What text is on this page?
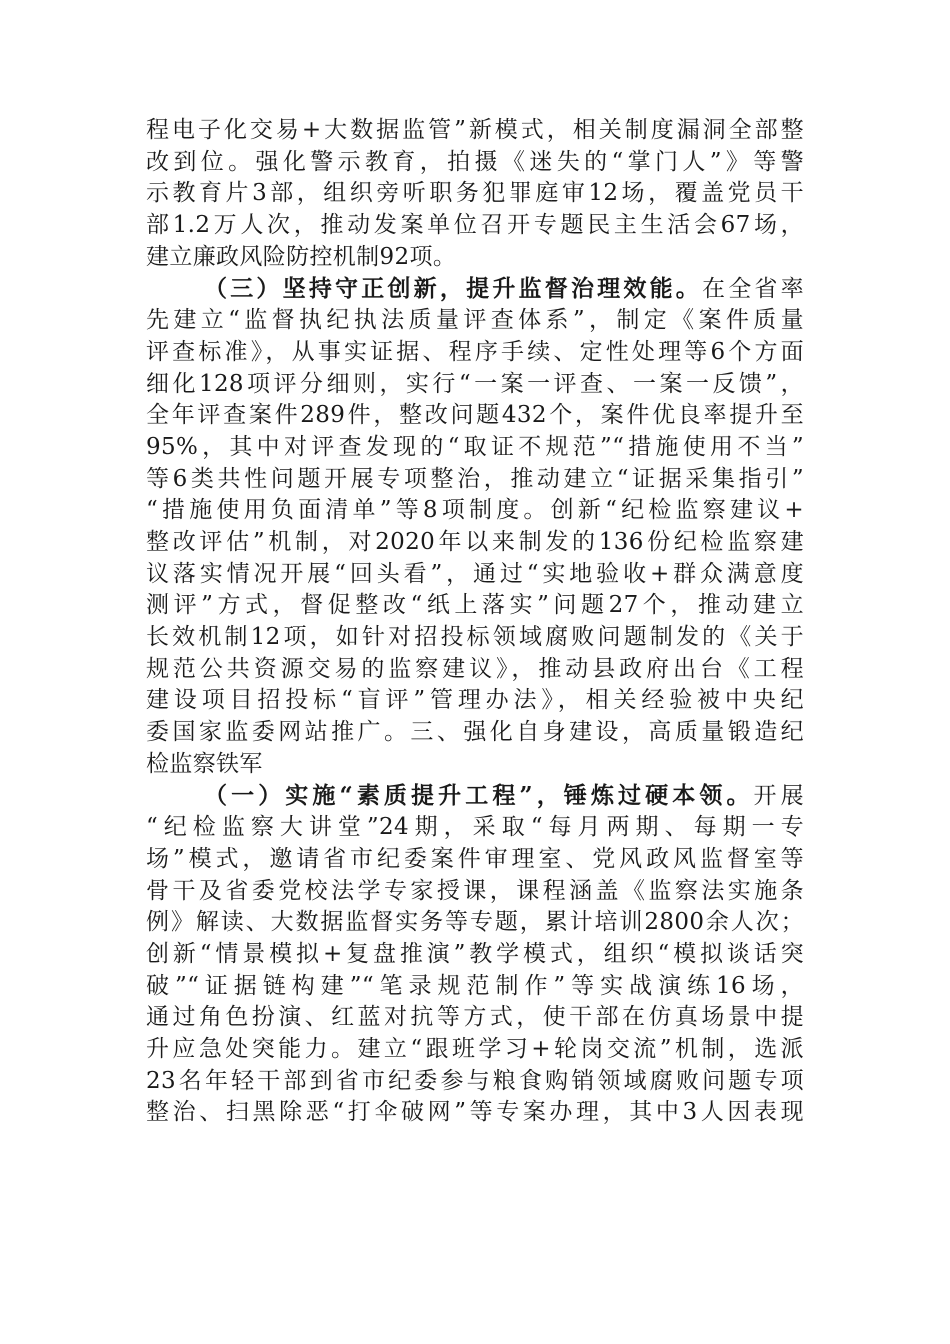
程电子化交易+大数据监管”新模式，相关制度漏洞全部整
改到位。强化警示教育，拍摄《迷失的“掌门人”》等警
示教育片3部，组织旁听职务犯罪庭审12场，覆盖党员干
部1.2万人次，推动发案单位召开专题民主生活会67场，
建立廉政风险防控机制92项。
（三）坚持守正创新，提升监督治理效能。在全省率
先建立“监督执纪执法质量评查体系”，制定《案件质量
评查标准》，从事实证据、程序手续、定性处理等6个方面
细化128项评分细则，实行“一案一评查、一案一反馈”，
全年评查案件289件，整改问题432个，案件优良率提升至
95%，其中对评查发现的“取证不规范”“措施使用不当”
等6类共性问题开展专项整治，推动建立“证据采集指引”
“措施使用负面清单”等8项制度。创新“纪检监察建议+
整改评估”机制，对2020年以来制发的136份纪检监察建
议落实情况开展“回头看”，通过“实地验收+群众满意度
测评”方式，督促整改“纸上落实”问题27个，推动建立
长效机制12项，如针对招投标领域腐败问题制发的《关于
规范公共资源交易的监察建议》，推动县政府出台《工程
建设项目招投标“盲评”管理办法》，相关经验被中央纪
委国家监委网站推广。三、强化自身建设，高质量锻造纪
检监察铁军
（一）实施“素质提升工程”，锤炼过硬本领。开展
“纪检监察大讲堂”24期，采取“每月两期、每期一专
场”模式，邀请省市纪委案件审理室、党风政风监督室等
骨干及省委党校法学专家授课，课程涵盖《监察法实施条
例》解读、大数据监督实务等专题，累计培训2800余人次；
创新“情景模拟+复盘推演”教学模式，组织“模拟谈话突
破”“证据链构建”“笔录规范制作”等实战演练16场，
通过角色扮演、红蓝对抗等方式，使干部在仿真场景中提
升应急处突能力。建立“跟班学习+轮岗交流”机制，选派
23名年轻干部到省市纪委参与粮食购销领域腐败问题专项
整治、扫黑除恶“打伞破网”等专案办理，其中3人因表现
